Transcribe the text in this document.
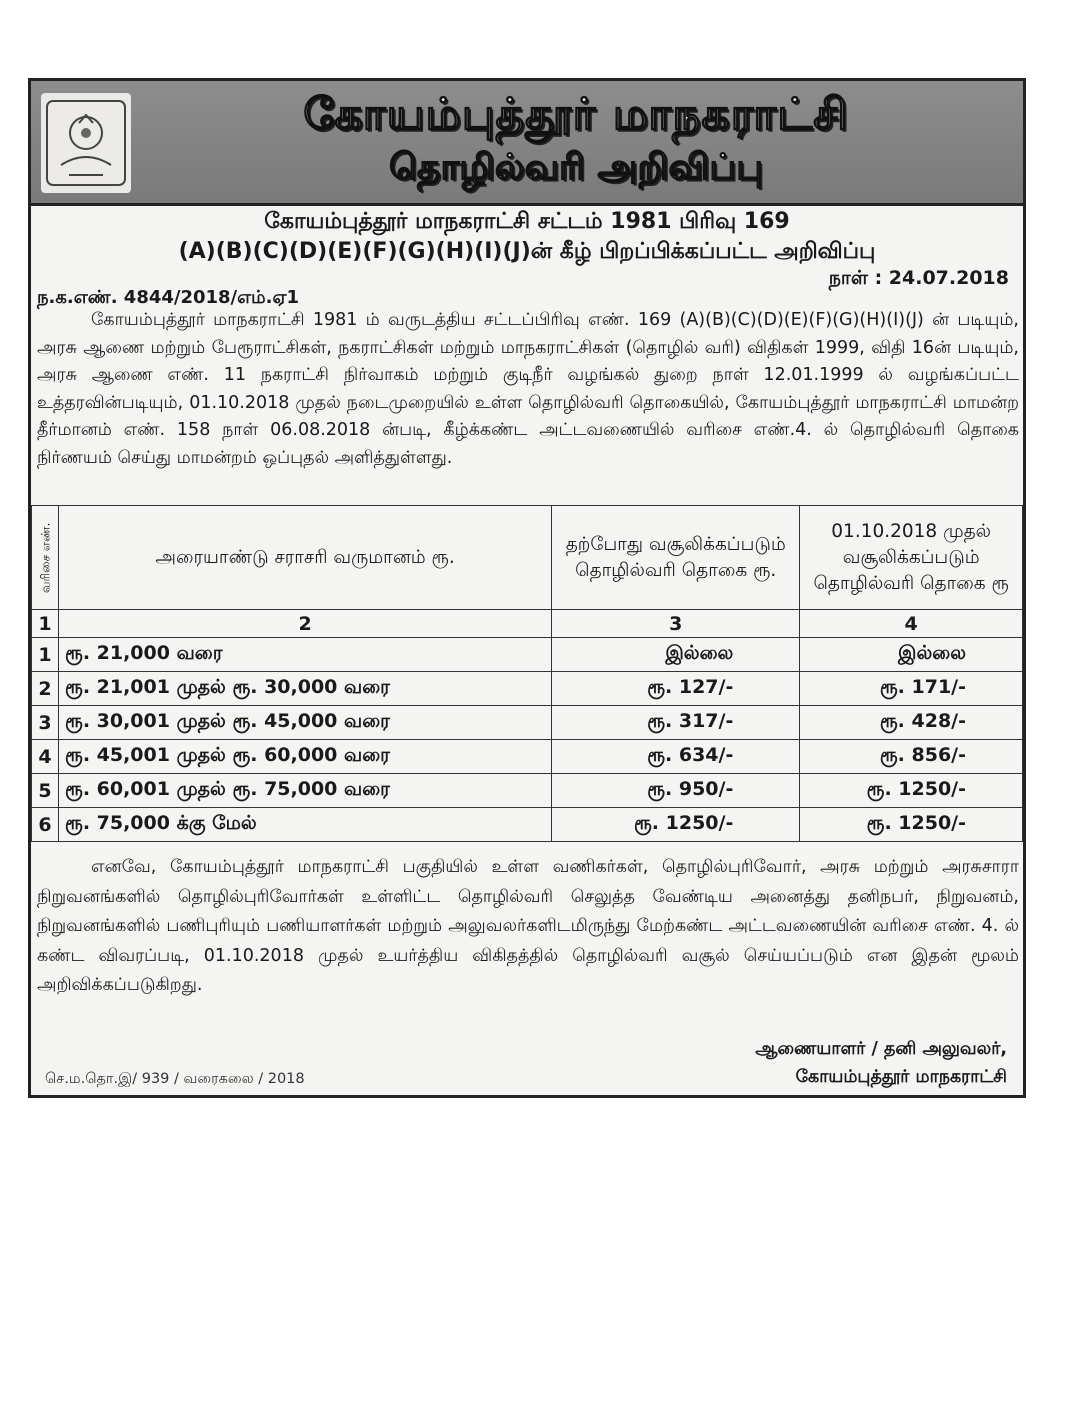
கோயம்புத்தூர் மாநகராட்சி
தொழில்வரி அறிவிப்பு
கோயம்புத்தூர் மாநகராட்சி சட்டம் 1981 பிரிவு 169
(A)(B)(C)(D)(E)(F)(G)(H)(I)(J)ன் கீழ் பிறப்பிக்கப்பட்ட அறிவிப்பு
நாள் : 24.07.2018
ந.க.எண். 4844/2018/எம்.ஏ1
கோயம்புத்தூர் மாநகராட்சி 1981 ம் வருடத்திய சட்டப்பிரிவு எண். 169 (A)(B)(C)(D)(E)(F)(G)(H)(I)(J) ன் படியும், அரசு ஆணை மற்றும் பேரூராட்சிகள், நகராட்சிகள் மற்றும் மாநகராட்சிகள் (தொழில் வரி) விதிகள் 1999, விதி 16ன் படியும், அரசு ஆணை எண். 11 நகராட்சி நிர்வாகம் மற்றும் குடிநீர் வழங்கல் துறை நாள் 12.01.1999 ல் வழங்கப்பட்ட உத்தரவின்படியும், 01.10.2018 முதல் நடைமுறையில் உள்ள தொழில்வரி தொகையில், கோயம்புத்தூர் மாநகராட்சி மாமன்ற தீர்மானம் எண். 158 நாள் 06.08.2018 ன்படி, கீழ்க்கண்ட அட்டவணையில் வரிசை எண்.4. ல் தொழில்வரி தொகை நிர்ணயம் செய்து மாமன்றம் ஒப்புதல் அளித்துள்ளது.
வரிசை எண்.	அரையாண்டு சராசரி வருமானம் ரூ.	தற்போது வசூலிக்கப்படும் தொழில்வரி தொகை ரூ.	01.10.2018 முதல் வசூலிக்கப்படும் தொழில்வரி தொகை ரூ
1	2	3	4
1	ரூ. 21,000 வரை	இல்லை	இல்லை
2	ரூ. 21,001 முதல் ரூ. 30,000 வரை	ரூ. 127/-	ரூ. 171/-
3	ரூ. 30,001 முதல் ரூ. 45,000 வரை	ரூ. 317/-	ரூ. 428/-
4	ரூ. 45,001 முதல் ரூ. 60,000 வரை	ரூ. 634/-	ரூ. 856/-
5	ரூ. 60,001 முதல் ரூ. 75,000 வரை	ரூ. 950/-	ரூ. 1250/-
6	ரூ. 75,000 க்கு மேல்	ரூ. 1250/-	ரூ. 1250/-
எனவே, கோயம்புத்தூர் மாநகராட்சி பகுதியில் உள்ள வணிகர்கள், தொழில்புரிவோர், அரசு மற்றும் அரசுசாரா நிறுவனங்களில் தொழில்புரிவோர்கள் உள்ளிட்ட தொழில்வரி செலுத்த வேண்டிய அனைத்து தனிநபர், நிறுவனம், நிறுவனங்களில் பணிபுரியும் பணியாளர்கள் மற்றும் அலுவலர்களிடமிருந்து மேற்கண்ட அட்டவணையின் வரிசை எண். 4. ல் கண்ட விவரப்படி, 01.10.2018 முதல் உயர்த்திய விகிதத்தில் தொழில்வரி வசூல் செய்யப்படும் என இதன் மூலம் அறிவிக்கப்படுகிறது.
ஆணையாளர் / தனி அலுவலர்,
கோயம்புத்தூர் மாநகராட்சி
செ.ம.தொ.இ/ 939 / வரைகலை / 2018
